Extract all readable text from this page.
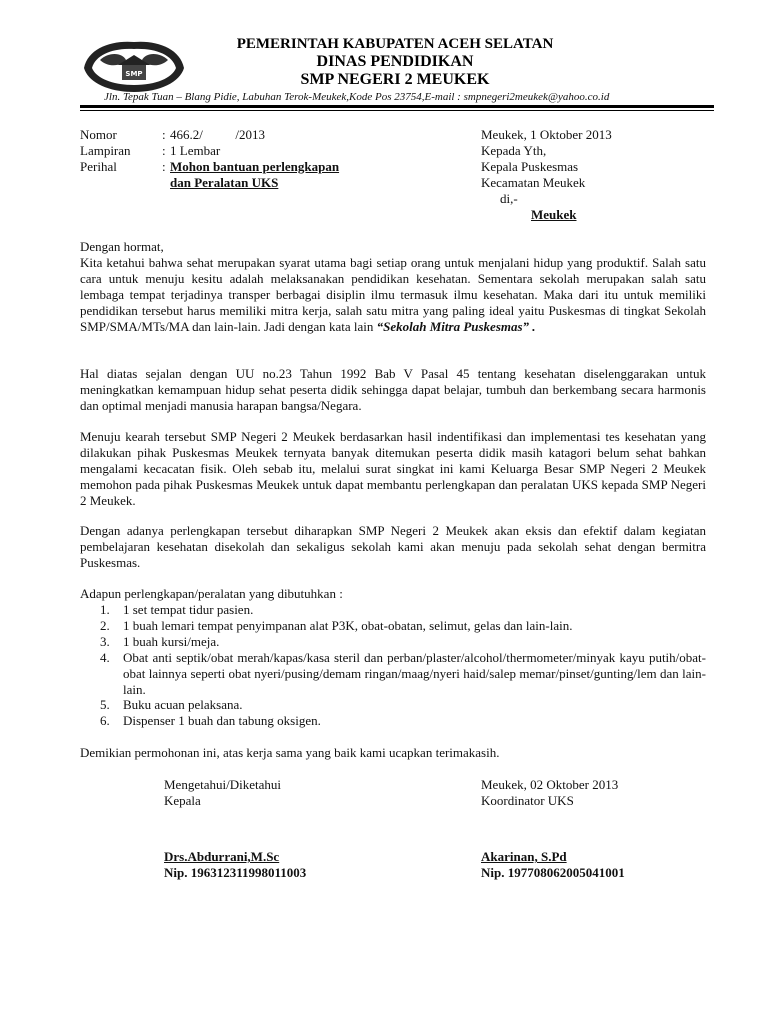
SMP
PEMERINTAH KABUPATEN ACEH SELATAN
DINAS PENDIDIKAN
SMP NEGERI 2 MEUKEK
Jln. Tepak Tuan – Blang Pidie, Labuhan Terok-Meukek,Kode Pos 23754,E-mail : smpnegeri2meukek@yahoo.co.id
Nomor	: 466.2/          /2013
Lampiran	: 1 Lembar
Perihal	: Mohon bantuan perlengkapan
dan Peralatan UKS
Meukek, 1 Oktober 2013
Kepada Yth,
Kepala Puskesmas
Kecamatan Meukek
di,-
Meukek
Dengan hormat,

Kita ketahui bahwa sehat merupakan syarat utama bagi setiap orang untuk menjalani hidup yang produktif. Salah satu cara untuk menuju kesitu adalah melaksanakan pendidikan kesehatan. Sementara sekolah merupakan salah satu lembaga tempat terjadinya transper berbagai disiplin ilmu termasuk ilmu kesehatan. Maka dari itu untuk memiliki pendidikan tersebut harus memiliki mitra kerja, salah satu mitra yang paling ideal yaitu Puskesmas di tingkat Sekolah SMP/SMA/MTs/MA dan lain-lain. Jadi dengan kata lain “Sekolah Mitra Puskesmas” .

Hal diatas sejalan dengan UU no.23 Tahun 1992 Bab V Pasal 45 tentang kesehatan diselenggarakan untuk meningkatkan kemampuan hidup sehat peserta didik sehingga dapat belajar, tumbuh dan berkembang secara harmonis dan optimal menjadi manusia harapan bangsa/Negara.
Menuju kearah tersebut SMP Negeri 2 Meukek berdasarkan hasil indentifikasi dan implementasi tes kesehatan yang dilakukan pihak Puskesmas Meukek ternyata banyak ditemukan peserta didik masih katagori belum sehat bahkan mengalami kecacatan fisik. Oleh sebab itu, melalui surat singkat ini kami Keluarga Besar SMP Negeri 2 Meukek memohon pada pihak Puskesmas Meukek untuk dapat membantu perlengkapan dan peralatan UKS kepada SMP Negeri 2 Meukek.
Dengan adanya perlengkapan tersebut diharapkan SMP Negeri 2 Meukek akan eksis dan efektif dalam kegiatan pembelajaran kesehatan disekolah dan sekaligus sekolah kami akan menuju pada sekolah sehat dengan bermitra Puskesmas.
Adapun perlengkapan/peralatan yang dibutuhkan :
1.	1 set tempat tidur pasien.
2.	1 buah lemari tempat penyimpanan alat P3K, obat-obatan, selimut, gelas dan lain-lain.
3.	1 buah kursi/meja.
4.	Obat anti septik/obat merah/kapas/kasa steril dan perban/plaster/alcohol/thermometer/minyak kayu putih/obat-obat lainnya seperti obat nyeri/pusing/demam ringan/maag/nyeri haid/salep memar/pinset/gunting/lem dan lain-lain.
5.	Buku acuan pelaksana.
6.	Dispenser 1 buah dan tabung oksigen.
Demikian permohonan ini, atas kerja sama yang baik kami ucapkan terimakasih.
Mengetahui/Diketahui
Kepala
Drs.Abdurrani,M.Sc
Nip. 196312311998011003
Meukek, 02 Oktober 2013
Koordinator UKS
Akarinan, S.Pd
Nip. 197708062005041001
